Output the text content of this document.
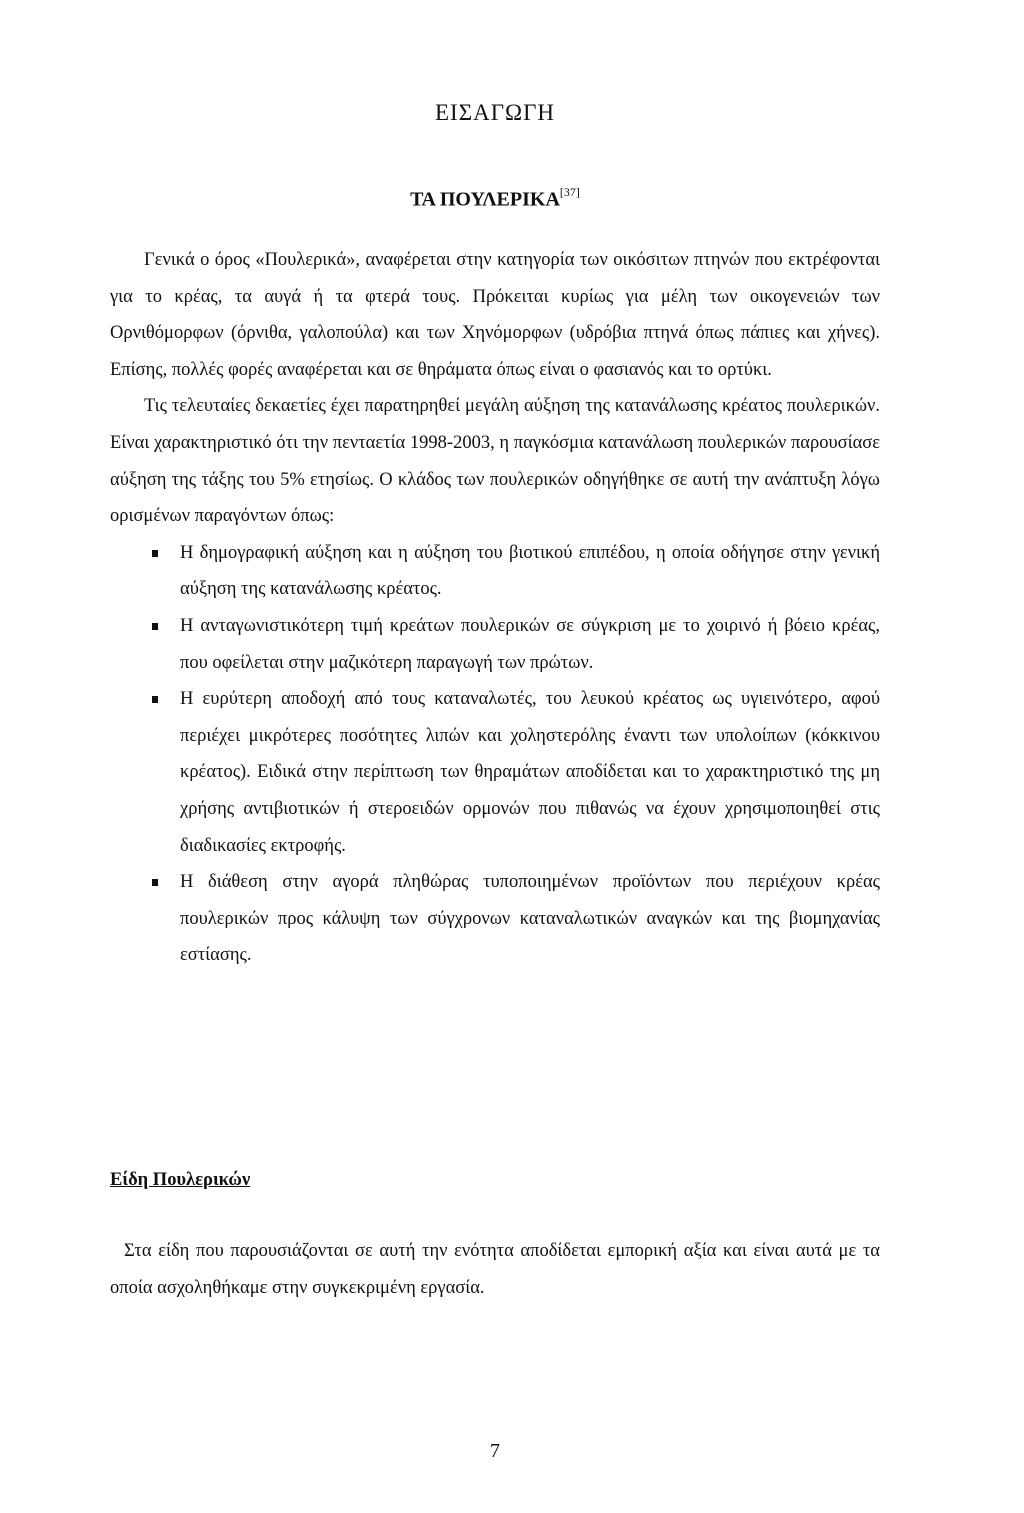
ΕΙΣΑΓΩΓΗ
ΤΑ ΠΟΥΛΕΡΙΚΑ[37]

Γενικά ο όρος «Πουλερικά», αναφέρεται στην κατηγορία των οικόσιτων πτηνών που εκτρέφονται για το κρέας, τα αυγά ή τα φτερά τους. Πρόκειται κυρίως για μέλη των οικογενειών των Ορνιθόμορφων (όρνιθα, γαλοπούλα) και των Χηνόμορφων (υδρόβια πτηνά όπως πάπιες και χήνες). Επίσης, πολλές φορές αναφέρεται και σε θηράματα όπως είναι ο φασιανός και το ορτύκι.

Τις τελευταίες δεκαετίες έχει παρατηρηθεί μεγάλη αύξηση της κατανάλωσης κρέατος πουλερικών. Είναι χαρακτηριστικό ότι την πενταετία 1998-2003, η παγκόσμια κατανάλωση πουλερικών παρουσίασε αύξηση της τάξης του 5% ετησίως. Ο κλάδος των πουλερικών οδηγήθηκε σε αυτή την ανάπτυξη λόγω ορισμένων παραγόντων όπως:

Η δημογραφική αύξηση και η αύξηση του βιοτικού επιπέδου, η οποία οδήγησε στην γενική αύξηση της κατανάλωσης κρέατος.
Η ανταγωνιστικότερη τιμή κρεάτων πουλερικών σε σύγκριση με το χοιρινό ή βόειο κρέας, που οφείλεται στην μαζικότερη παραγωγή των πρώτων.
Η ευρύτερη αποδοχή από τους καταναλωτές, του λευκού κρέατος ως υγιεινότερο, αφού περιέχει μικρότερες ποσότητες λιπών και χοληστερόλης έναντι των υπολοίπων (κόκκινου κρέατος). Ειδικά στην περίπτωση των θηραμάτων αποδίδεται και το χαρακτηριστικό της μη χρήσης αντιβιοτικών ή στεροειδών ορμονών που πιθανώς να έχουν χρησιμοποιηθεί στις διαδικασίες εκτροφής.
Η διάθεση στην αγορά πληθώρας τυποποιημένων προϊόντων που περιέχουν κρέας πουλερικών προς κάλυψη των σύγχρονων καταναλωτικών αναγκών και της βιομηχανίας εστίασης.
Είδη Πουλερικών

Στα είδη που παρουσιάζονται σε αυτή την ενότητα αποδίδεται εμπορική αξία και είναι αυτά με τα οποία ασχοληθήκαμε στην συγκεκριμένη εργασία.

7
